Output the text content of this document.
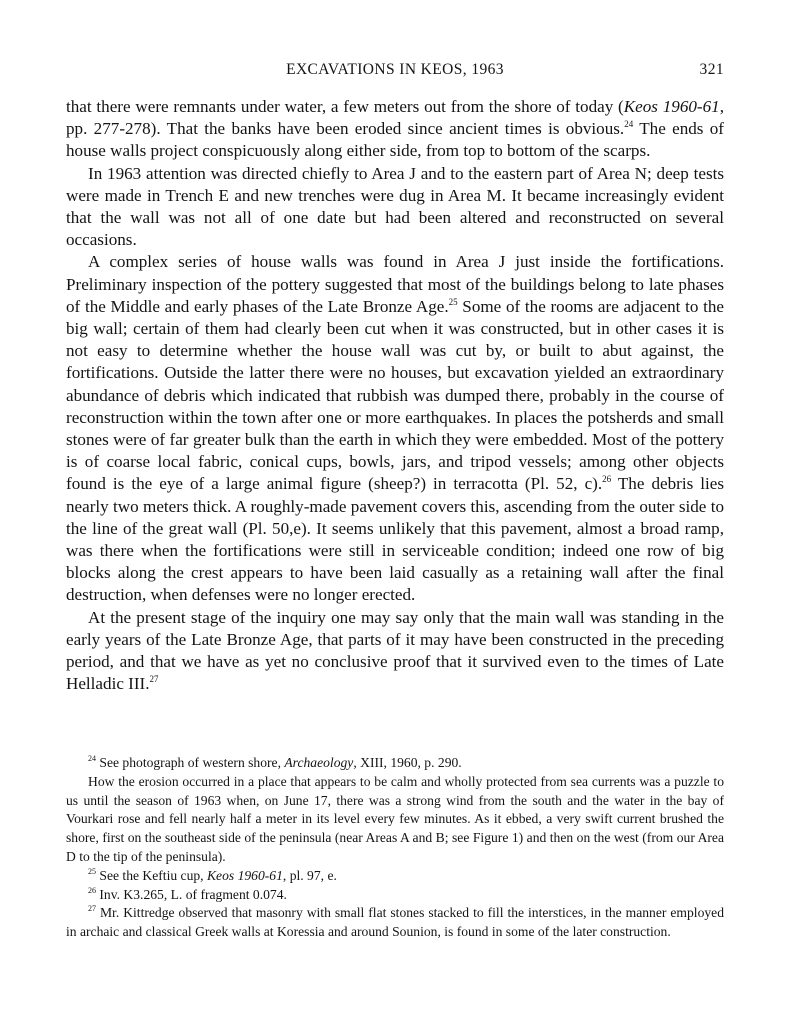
EXCAVATIONS IN KEOS, 1963	321

that there were remnants under water, a few meters out from the shore of today (Keos 1960-61, pp. 277-278). That the banks have been eroded since ancient times is obvious.$^{24}$ The ends of house walls project conspicuously along either side, from top to bottom of the scarps.

In 1963 attention was directed chiefly to Area J and to the eastern part of Area N; deep tests were made in Trench E and new trenches were dug in Area M. It became increasingly evident that the wall was not all of one date but had been altered and reconstructed on several occasions.

A complex series of house walls was found in Area J just inside the fortifications. Preliminary inspection of the pottery suggested that most of the buildings belong to late phases of the Middle and early phases of the Late Bronze Age.$^{25}$ Some of the rooms are adjacent to the big wall; certain of them had clearly been cut when it was constructed, but in other cases it is not easy to determine whether the house wall was cut by, or built to abut against, the fortifications. Outside the latter there were no houses, but excavation yielded an extraordinary abundance of debris which indicated that rubbish was dumped there, probably in the course of reconstruction within the town after one or more earthquakes. In places the potsherds and small stones were of far greater bulk than the earth in which they were embedded. Most of the pottery is of coarse local fabric, conical cups, bowls, jars, and tripod vessels; among other objects found is the eye of a large animal figure (sheep?) in terracotta (Pl. 52, c).$^{26}$ The debris lies nearly two meters thick. A roughly-made pavement covers this, ascending from the outer side to the line of the great wall (Pl. 50,e). It seems unlikely that this pavement, almost a broad ramp, was there when the fortifications were still in serviceable condition; indeed one row of big blocks along the crest appears to have been laid casually as a retaining wall after the final destruction, when defenses were no longer erected.

At the present stage of the inquiry one may say only that the main wall was standing in the early years of the Late Bronze Age, that parts of it may have been constructed in the preceding period, and that we have as yet no conclusive proof that it survived even to the times of Late Helladic III.$^{27}$

$^{24}$ See photograph of western shore, Archaeology, XIII, 1960, p. 290.

How the erosion occurred in a place that appears to be calm and wholly protected from sea currents was a puzzle to us until the season of 1963 when, on June 17, there was a strong wind from the south and the water in the bay of Vourkari rose and fell nearly half a meter in its level every few minutes. As it ebbed, a very swift current brushed the shore, first on the southeast side of the peninsula (near Areas A and B; see Figure 1) and then on the west (from our Area D to the tip of the peninsula).

$^{25}$ See the Keftiu cup, Keos 1960-61, pl. 97, e.

$^{26}$ Inv. K3.265, L. of fragment 0.074.

$^{27}$ Mr. Kittredge observed that masonry with small flat stones stacked to fill the interstices, in the manner employed in archaic and classical Greek walls at Koressia and around Sounion, is found in some of the later construction.
